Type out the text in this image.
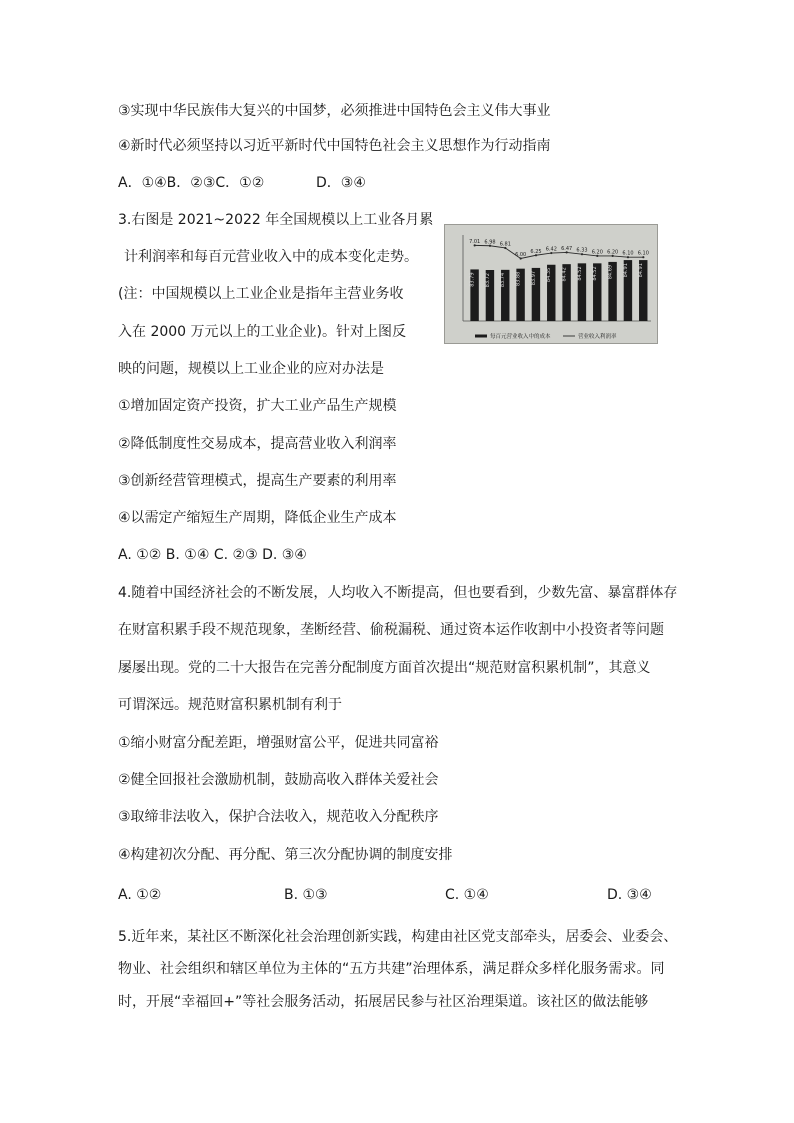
③实现中华民族伟大复兴的中国梦，必须推进中国特色会主义伟大事业
④新时代必须坚持以习近平新时代中国特色社会主义思想作为行动指南
A．①④B．②③C．①②	D．③④
3.右图是 2021~2022 年全国规模以上工业各月累
计利润率和每百元营业收入中的成本变化走势。
(注：中国规模以上工业企业是指年主营业务收
入在 2000 万元以上的工业企业)。针对上图反
映的问题，规模以上工业企业的应对办法是
①增加固定资产投资，扩大工业产品生产规模
②降低制度性交易成本，提高营业收入利润率
③创新经营管理模式，提高生产要素的利用率
④以需定产缩短生产周期，降低企业生产成本
A. ①② B. ①④ C. ②③ D. ③④
4.随着中国经济社会的不断发展，人均收入不断提高，但也要看到，少数先富、暴富群体存
在财富积累手段不规范现象，垄断经营、偷税漏税、通过资本运作收割中小投资者等问题
屡屡出现。党的二十大报告在完善分配制度方面首次提出“规范财富积累机制”，其意义
可谓深远。规范财富积累机制有利于
①缩小财富分配差距，增强财富公平，促进共同富裕
②健全回报社会激励机制，鼓励高收入群体关爱社会
③取缔非法收入，保护合法收入，规范收入分配秩序
④构建初次分配、再分配、第三次分配协调的制度安排
A. ①②	B. ①③	C. ①④	D. ③④
5.近年来，某社区不断深化社会治理创新实践，构建由社区党支部牵头，居委会、业委会、
物业、社会组织和辖区单位为主体的“五方共建”治理体系，满足群众多样化服务需求。同
时，开展“幸福回+”等社会服务活动，拓展居民参与社区治理渠道。该社区的做法能够
83.79 83.72 83.74 83.88 83.97 84.35 84.42 84.52 84.52 84.69 84.91 84.91
7.01 6.98 6.81
6.00
6.25 6.42 6.47 6.33 6.20 6.20 6.10 6.10
每百元营业收入中的成本	营业收入利润率
